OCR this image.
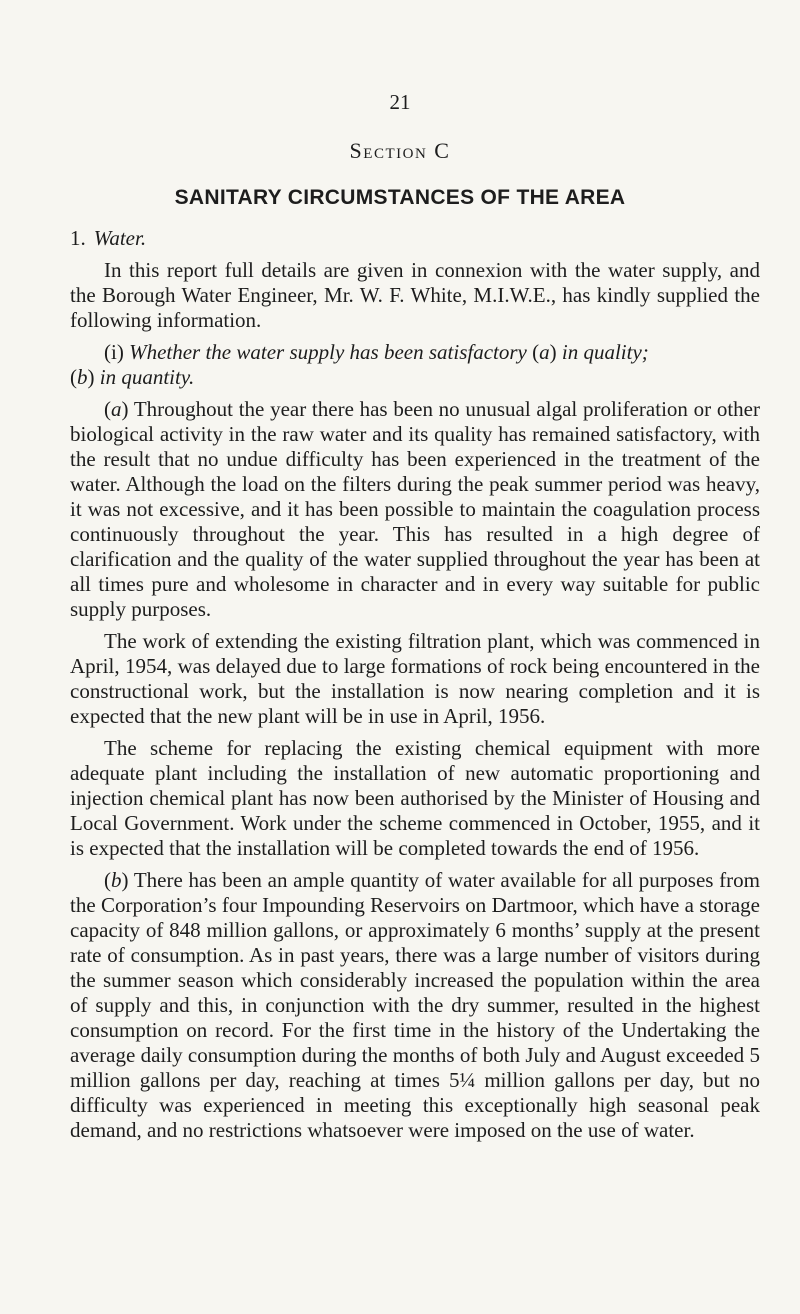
21
Section C
SANITARY CIRCUMSTANCES OF THE AREA
1. Water.

In this report full details are given in connexion with the water supply, and the Borough Water Engineer, Mr. W. F. White, M.I.W.E., has kindly supplied the following information.

(i) Whether the water supply has been satisfactory (a) in quality;
(b) in quantity.

(a) Throughout the year there has been no unusual algal proliferation or other biological activity in the raw water and its quality has remained satisfactory, with the result that no undue difficulty has been experienced in the treatment of the water. Although the load on the filters during the peak summer period was heavy, it was not excessive, and it has been possible to maintain the coagulation process continuously throughout the year. This has resulted in a high degree of clarification and the quality of the water supplied throughout the year has been at all times pure and wholesome in character and in every way suitable for public supply purposes.

The work of extending the existing filtration plant, which was commenced in April, 1954, was delayed due to large formations of rock being encountered in the constructional work, but the installation is now nearing completion and it is expected that the new plant will be in use in April, 1956.

The scheme for replacing the existing chemical equipment with more adequate plant including the installation of new automatic proportioning and injection chemical plant has now been authorised by the Minister of Housing and Local Government. Work under the scheme commenced in October, 1955, and it is expected that the installation will be completed towards the end of 1956.

(b) There has been an ample quantity of water available for all purposes from the Corporation’s four Impounding Reservoirs on Dartmoor, which have a storage capacity of 848 million gallons, or approximately 6 months’ supply at the present rate of consumption. As in past years, there was a large number of visitors during the summer season which considerably increased the population within the area of supply and this, in conjunction with the dry summer, resulted in the highest consumption on record. For the first time in the history of the Undertaking the average daily consumption during the months of both July and August exceeded 5 million gallons per day, reaching at times 5¼ million gallons per day, but no difficulty was experienced in meeting this exceptionally high seasonal peak demand, and no restrictions whatsoever were imposed on the use of water.
